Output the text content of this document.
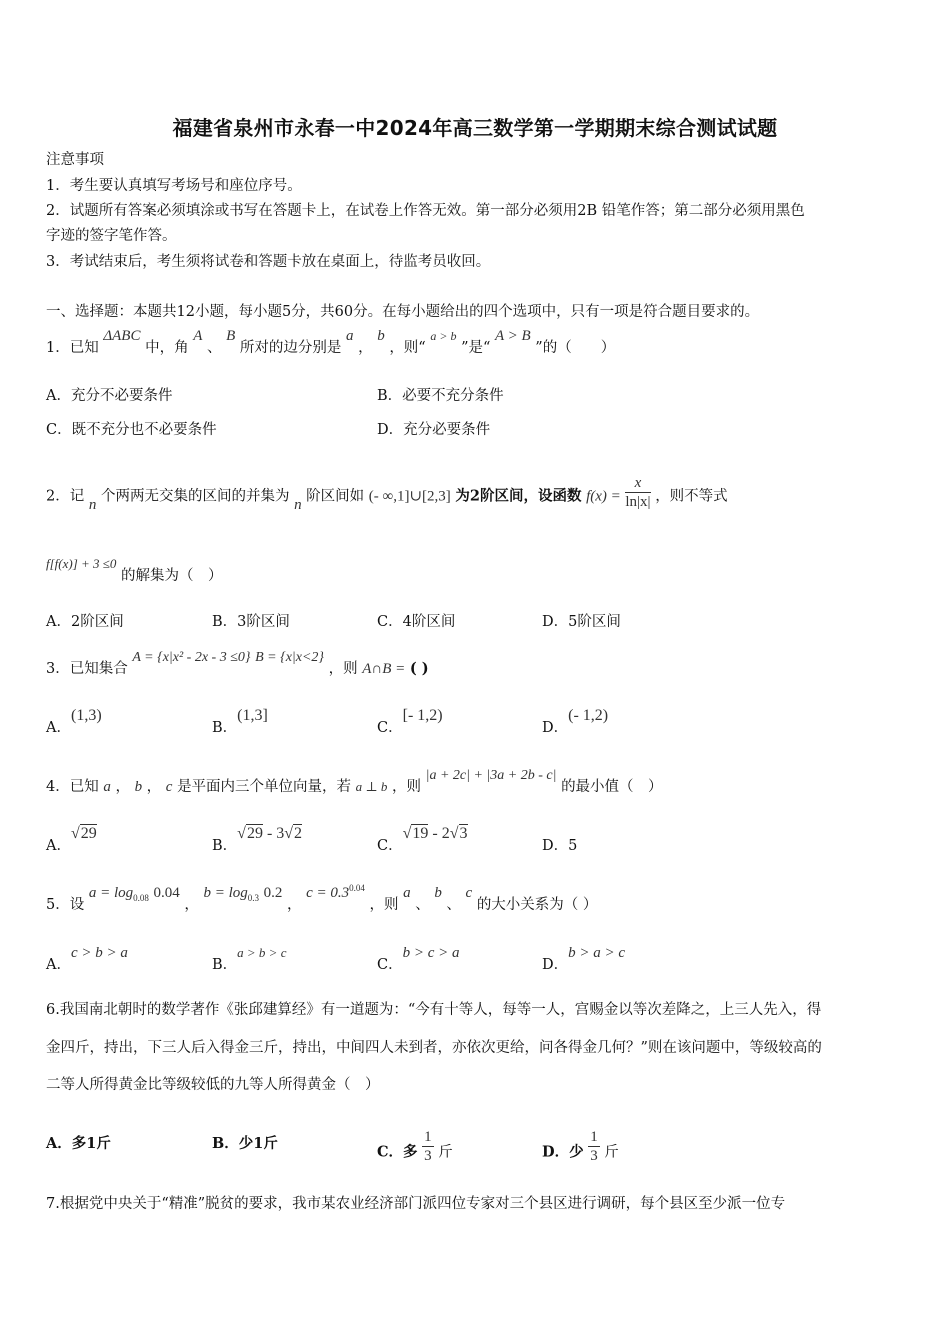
福建省泉州市永春一中2024年高三数学第一学期期末综合测试试题
注意事项
1．考生要认真填写考场号和座位序号。
2．试题所有答案必须填涂或书写在答题卡上，在试卷上作答无效。第一部分必须用2B 铅笔作答；第二部分必须用黑色
字迹的签字笔作答。
3．考试结束后，考生须将试卷和答题卡放在桌面上，待监考员收回。
一、选择题：本题共12小题，每小题5分，共60分。在每小题给出的四个选项中，只有一项是符合题目要求的。
1．已知 ΔABC 中，角 A 、 B 所对的边分别是 a ， b ，则“ $^{a > b}$ ”是“ A > B ”的（　　）
A．充分不必要条件	B．必要不充分条件
C．既不充分也不必要条件	D．充分必要条件
2．记 n 个两两无交集的区间的并集为 n 阶区间如 (- ∞,1]∪[2,3] 为2阶区间，设函数 $f(x) = \frac{x}{\ln|x|}$ ，则不等式
f[f(x)] + 3 ≤0 的解集为（　）
A．2阶区间	B．3阶区间	C．4阶区间	D．5阶区间
3．已知集合 A = {x|x² - 2x - 3 ≤0} B = {x|x<2} ，则 A∩B = ( )
A．(1,3)
B．(1,3]
C．[- 1,2)
D．(- 1,2)
4．已知 a ， b ， c 是平面内三个单位向量，若 a ⊥ b ，则 |a + 2c| + |3a + 2b - c| 的最小值（　）
A．√29
B．√29 - 3√2
C．√19 - 2√3
D．5
5．设 $a = \log_{0.08} 0.04$ ， $b = \log_{0.3} 0.2$ ， $c = 0.3^{0.04}$ ，则 a 、 b 、 c 的大小关系为（ ）
A．c > b > a
B．a > b > c
C．b > c > a
D．b > a > c
6.我国南北朝时的数学著作《张邱建算经》有一道题为：“今有十等人，每等一人，宫赐金以等次差降之，上三人先入，得
金四斤，持出，下三人后入得金三斤，持出，中间四人未到者，亦依次更给，问各得金几何？”则在该问题中，等级较高的
二等人所得黄金比等级较低的九等人所得黄金（　）
A．多1斤	B．少1斤	C．多 $\frac{1}{3}$ 斤	D．少 $\frac{1}{3}$ 斤
7.根据党中央关于“精准”脱贫的要求，我市某农业经济部门派四位专家对三个县区进行调研，每个县区至少派一位专
